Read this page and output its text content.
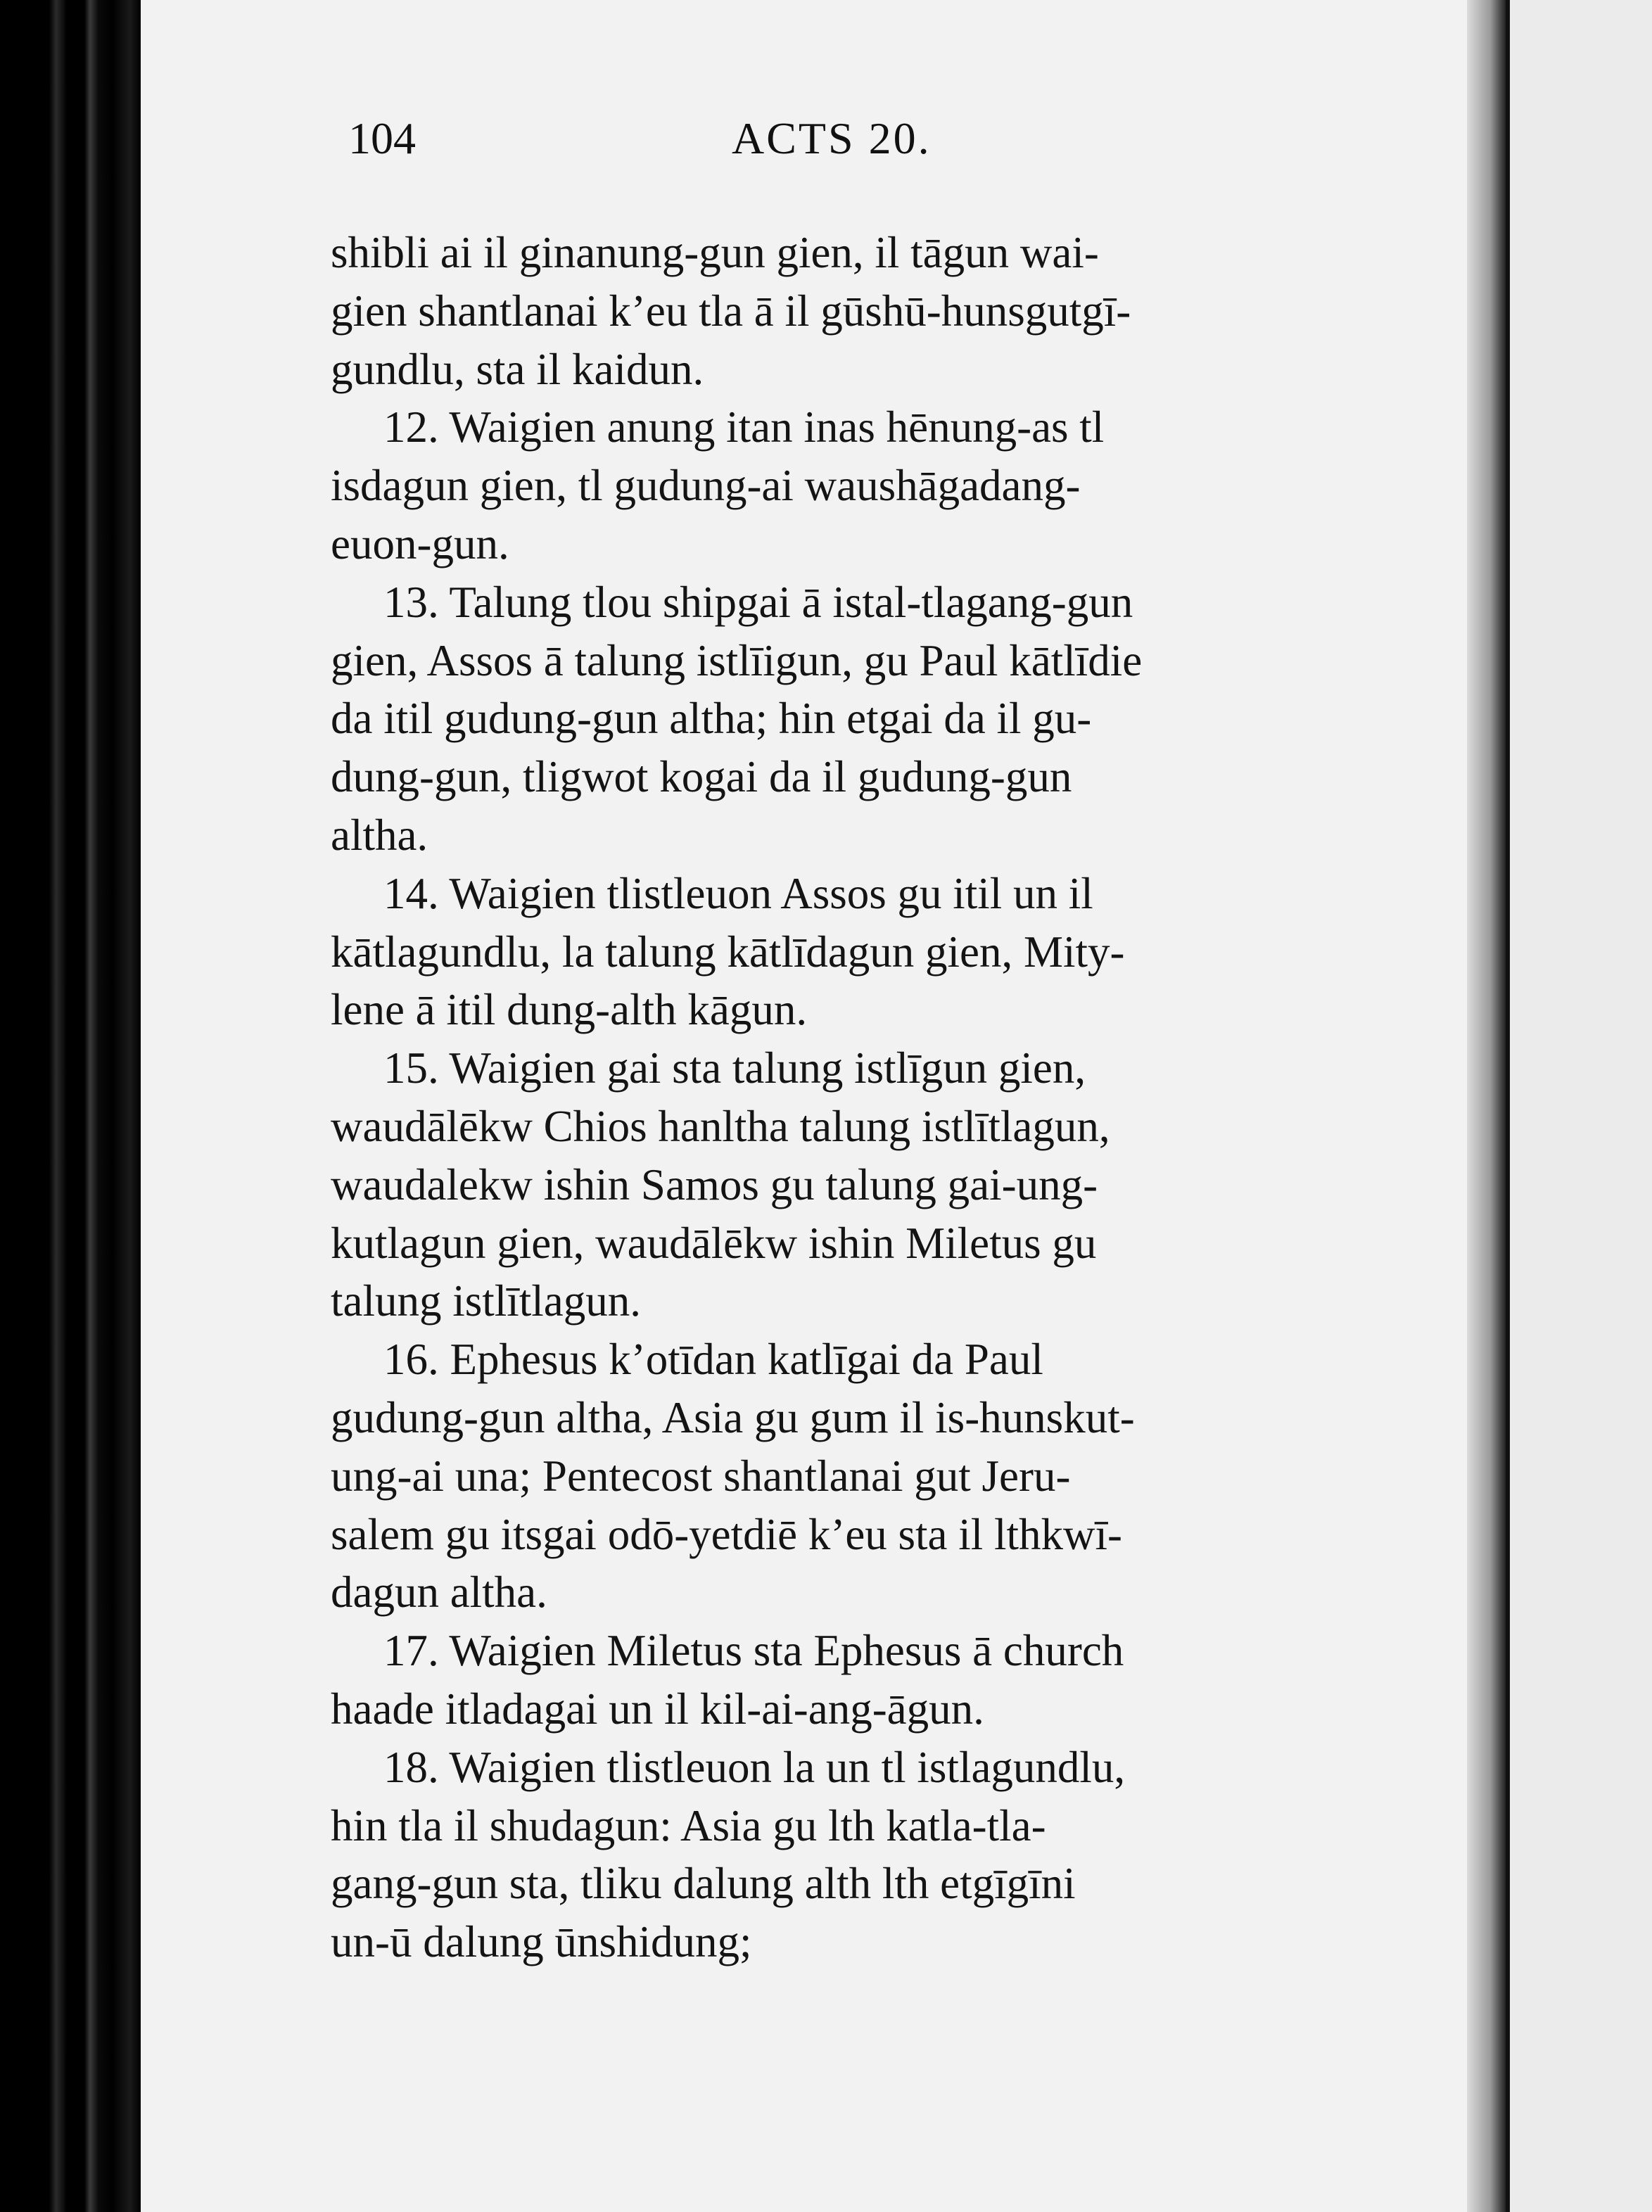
104	ACTS 20.

shibli ai il ginanung-gun gien, il tāgun wai-
gien shantlanai k’eu tla ā il gūshū-hunsgutgī-
gundlu, sta il kaidun.

12. Waigien anung itan inas hēnung-as tl
isdagun gien, tl gudung-ai waushāgadang-
euon-gun.

13. Talung tlou shipgai ā istal-tlagang-gun
gien, Assos ā talung istlīigun, gu Paul kātlīdie
da itil gudung-gun altha; hin etgai da il gu-
dung-gun, tligwot kogai da il gudung-gun
altha.

14. Waigien tlistleuon Assos gu itil un il
kātlagundlu, la talung kātlīdagun gien, Mity-
lene ā itil dung-alth kāgun.

15. Waigien gai sta talung istlīgun gien,
waudālēkw Chios hanltha talung istlītlagun,
waudalekw ishin Samos gu talung gai-ung-
kutlagun gien, waudālēkw ishin Miletus gu
talung istlītlagun.

16. Ephesus k’otīdan katlīgai da Paul
gudung-gun altha, Asia gu gum il is-hunskut-
ung-ai una; Pentecost shantlanai gut Jeru-
salem gu itsgai odō-yetdiē k’eu sta il lthkwī-
dagun altha.

17. Waigien Miletus sta Ephesus ā church
haade itladagai un il kil-ai-ang-āgun.

18. Waigien tlistleuon la un tl istlagundlu,
hin tla il shudagun: Asia gu lth katla-tla-
gang-gun sta, tliku dalung alth lth etgīgīni
un-ū dalung ūnshidung;
